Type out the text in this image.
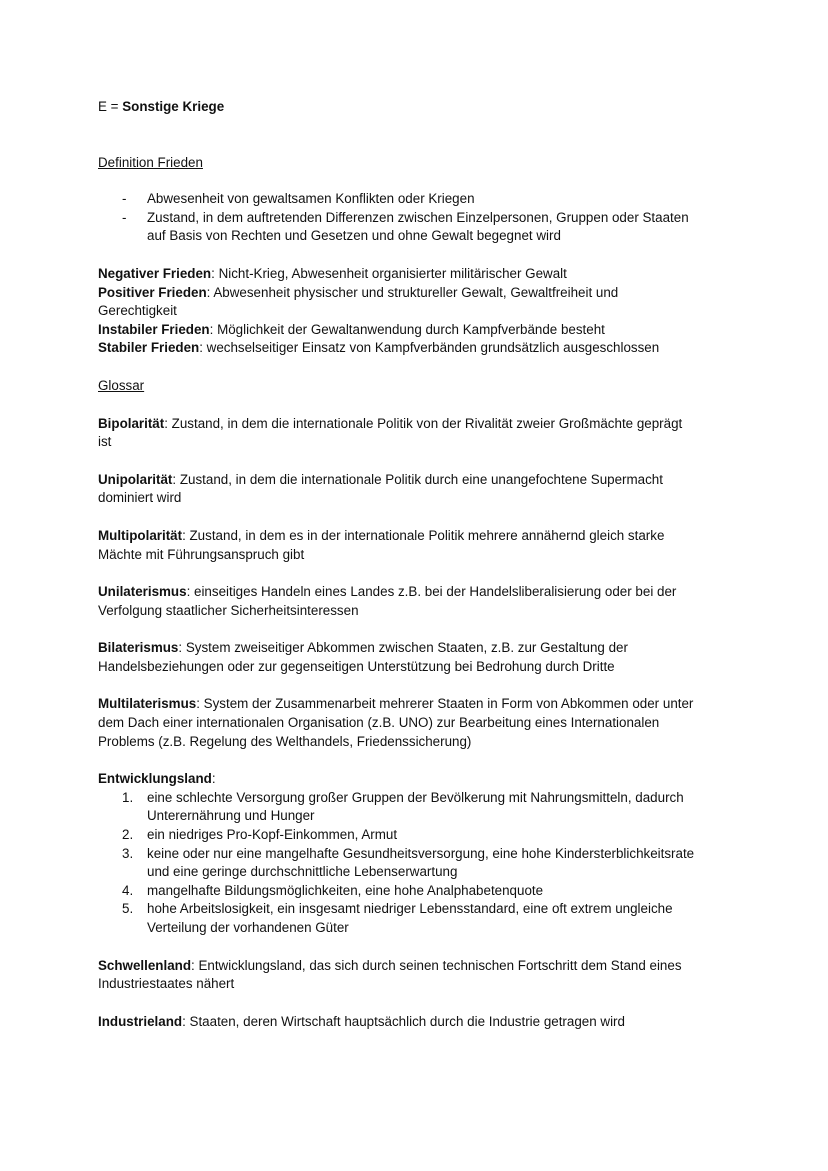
E = Sonstige Kriege

Definition Frieden

- Abwesenheit von gewaltsamen Konflikten oder Kriegen
- Zustand, in dem auftretenden Differenzen zwischen Einzelpersonen, Gruppen oder Staaten
auf Basis von Rechten und Gesetzen und ohne Gewalt begegnet wird
Negativer Frieden: Nicht-Krieg, Abwesenheit organisierter militärischer Gewalt
Positiver Frieden: Abwesenheit physischer und struktureller Gewalt, Gewaltfreiheit und
Gerechtigkeit
Instabiler Frieden: Möglichkeit der Gewaltanwendung durch Kampfverbände besteht
Stabiler Frieden: wechselseitiger Einsatz von Kampfverbänden grundsätzlich ausgeschlossen

Glossar

Bipolarität: Zustand, in dem die internationale Politik von der Rivalität zweier Großmächte geprägt
ist
Unipolarität: Zustand, in dem die internationale Politik durch eine unangefochtene Supermacht
dominiert wird
Multipolarität: Zustand, in dem es in der internationale Politik mehrere annähernd gleich starke
Mächte mit Führungsanspruch gibt
Unilaterismus: einseitiges Handeln eines Landes z.B. bei der Handelsliberalisierung oder bei der
Verfolgung staatlicher Sicherheitsinteressen
Bilaterismus: System zweiseitiger Abkommen zwischen Staaten, z.B. zur Gestaltung der
Handelsbeziehungen oder zur gegenseitigen Unterstützung bei Bedrohung durch Dritte
Multilaterismus: System der Zusammenarbeit mehrerer Staaten in Form von Abkommen oder unter
dem Dach einer internationalen Organisation (z.B. UNO) zur Bearbeitung eines Internationalen
Problems (z.B. Regelung des Welthandels, Friedenssicherung)
Entwicklungsland:
1. eine schlechte Versorgung großer Gruppen der Bevölkerung mit Nahrungsmitteln, dadurch
Unterernährung und Hunger
2. ein niedriges Pro-Kopf-Einkommen, Armut
3. keine oder nur eine mangelhafte Gesundheitsversorgung, eine hohe Kindersterblichkeitsrate
und eine geringe durchschnittliche Lebenserwartung
4. mangelhafte Bildungsmöglichkeiten, eine hohe Analphabetenquote
5. hohe Arbeitslosigkeit, ein insgesamt niedriger Lebensstandard, eine oft extrem ungleiche
Verteilung der vorhandenen Güter
Schwellenland: Entwicklungsland, das sich durch seinen technischen Fortschritt dem Stand eines
Industriestaates nähert
Industrieland: Staaten, deren Wirtschaft hauptsächlich durch die Industrie getragen wird
